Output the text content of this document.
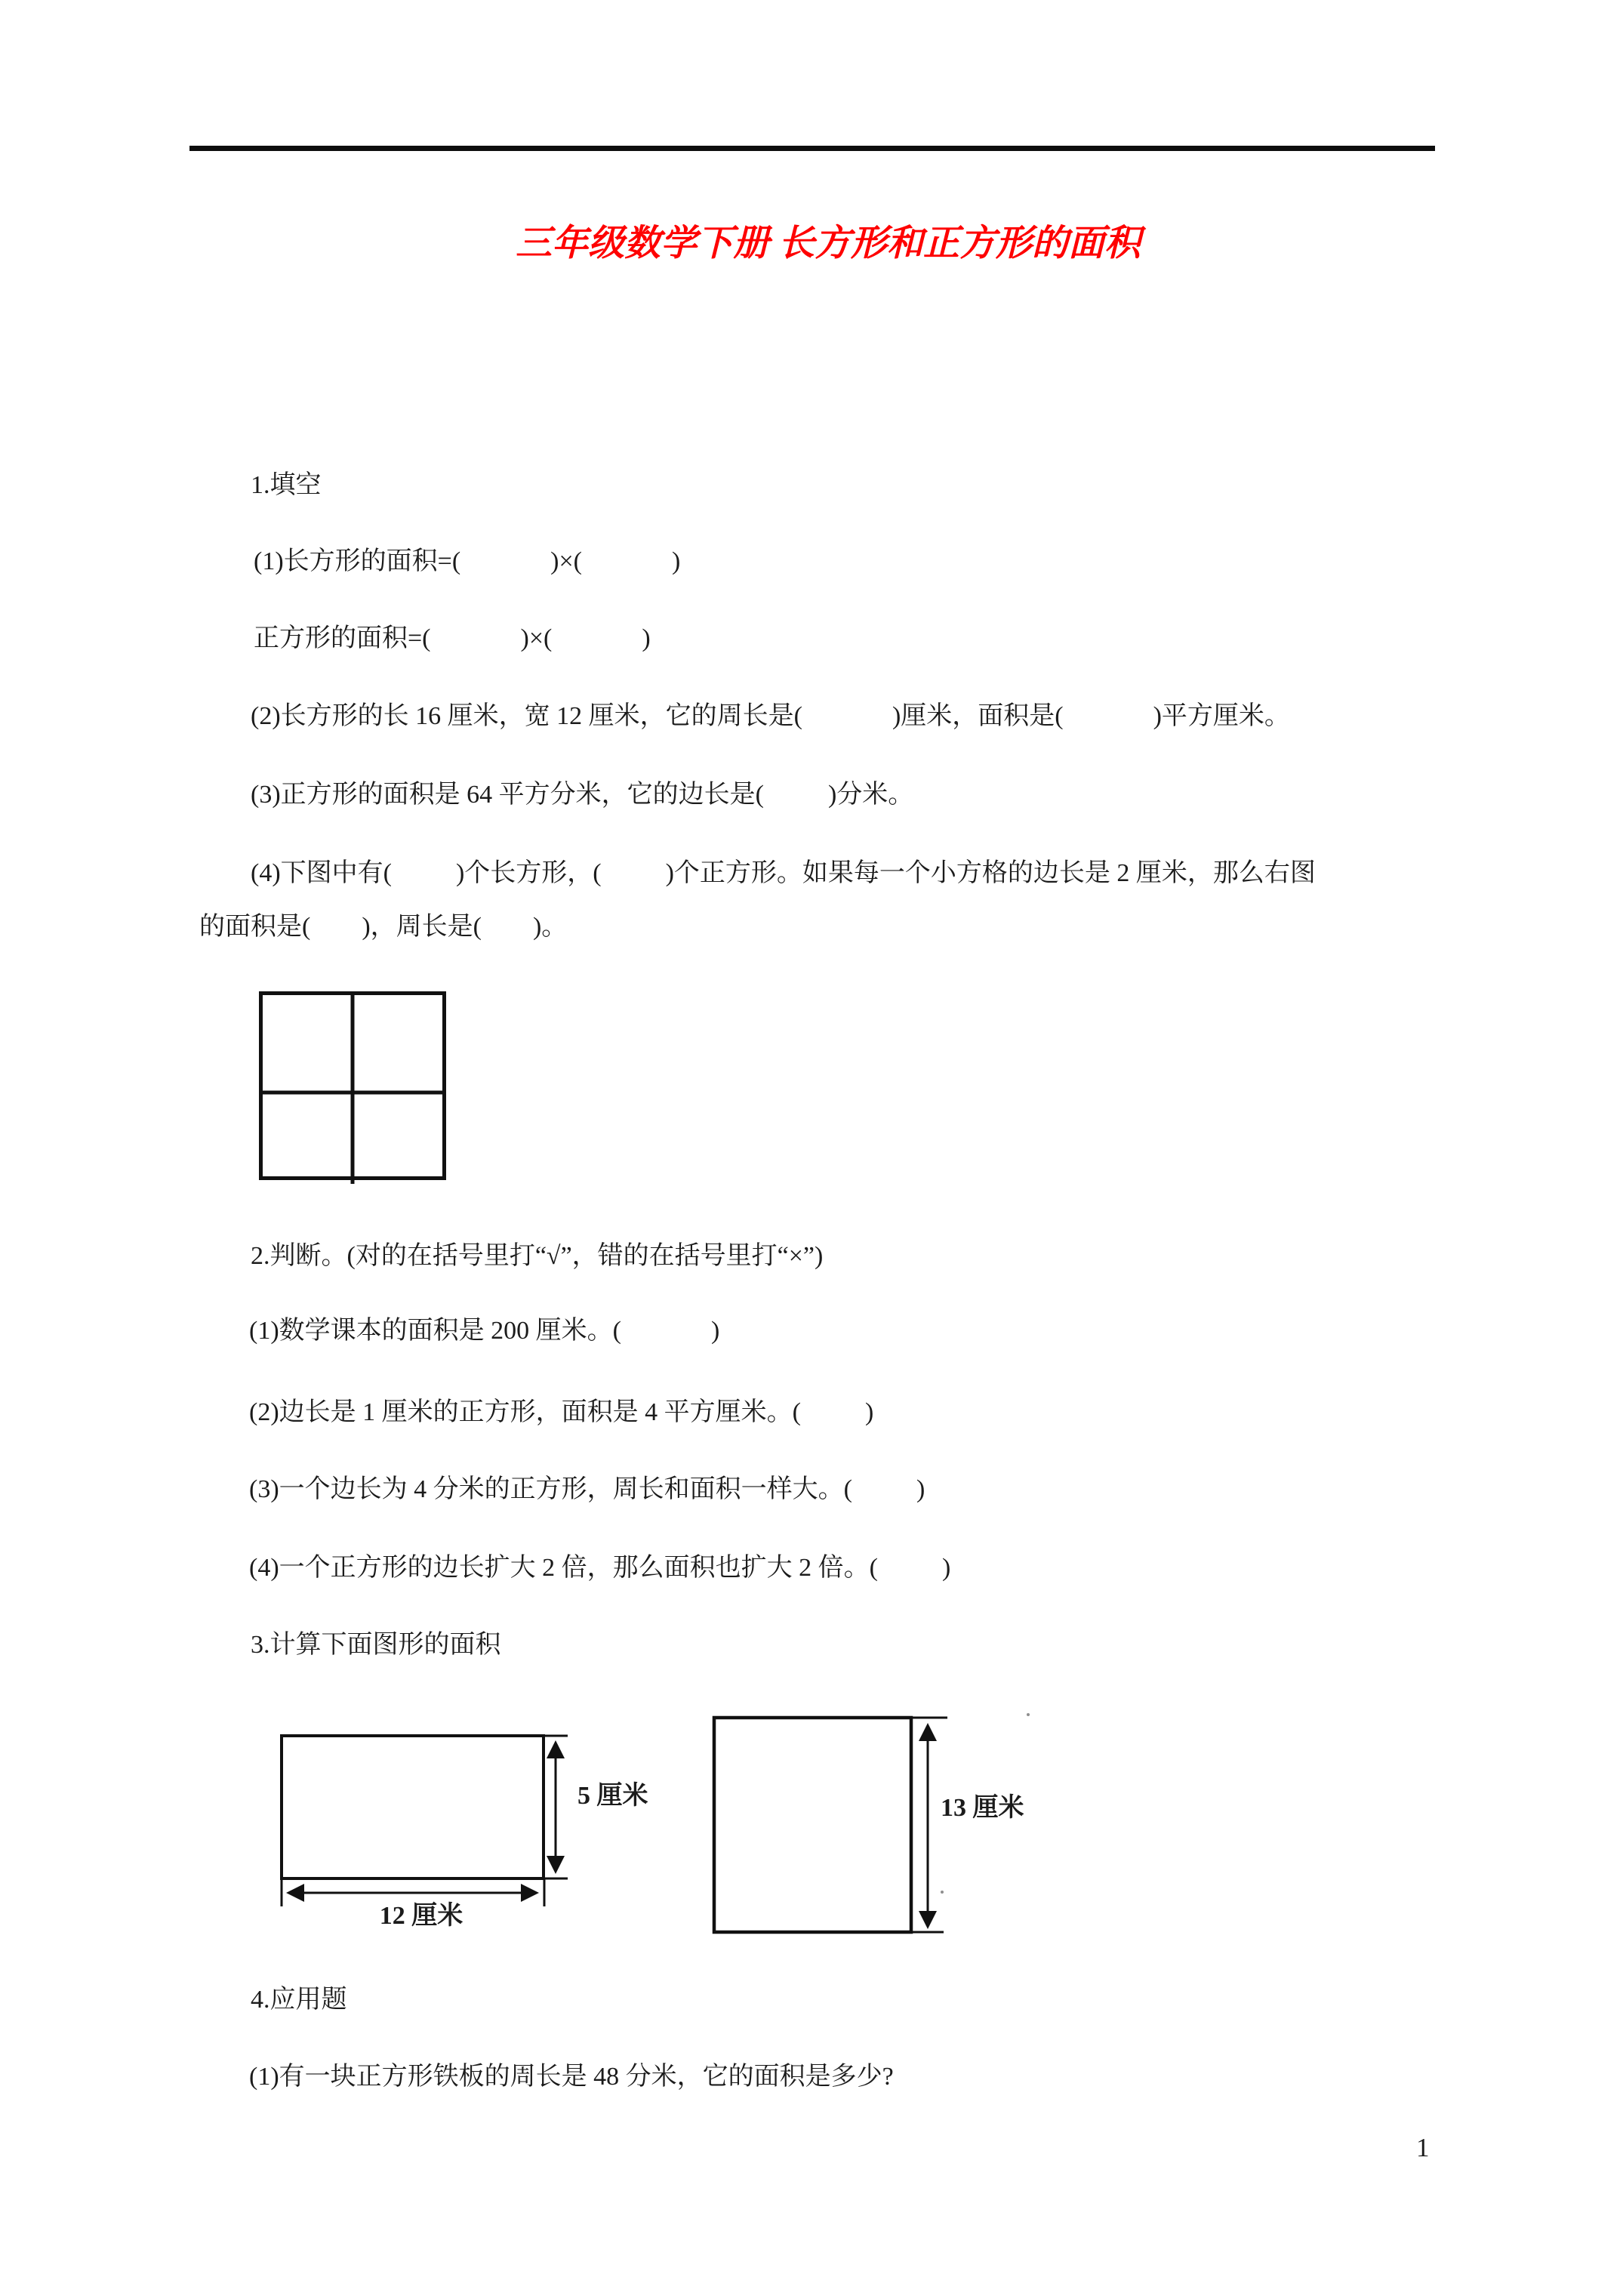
三年级数学下册 长方形和正方形的面积
1.填空
(1)长方形的面积=(              )×(              )
正方形的面积=(              )×(              )
(2)长方形的长 16 厘米，宽 12 厘米，它的周长是(              )厘米，面积是(              )平方厘米。
(3)正方形的面积是 64 平方分米，它的边长是(          )分米。
(4)下图中有(          )个长方形，(          )个正方形。如果每一个小方格的边长是 2 厘米，那么右图
的面积是(        )，周长是(        )。
2.判断。(对的在括号里打“√”，错的在括号里打“×”)
(1)数学课本的面积是 200 厘米。(              )
(2)边长是 1 厘米的正方形，面积是 4 平方厘米。(          )
(3)一个边长为 4 分米的正方形，周长和面积一样大。(          )
(4)一个正方形的边长扩大 2 倍，那么面积也扩大 2 倍。(          )
3.计算下面图形的面积
5 厘米
12 厘米
13 厘米
4.应用题
(1)有一块正方形铁板的周长是 48 分米，它的面积是多少?
1
